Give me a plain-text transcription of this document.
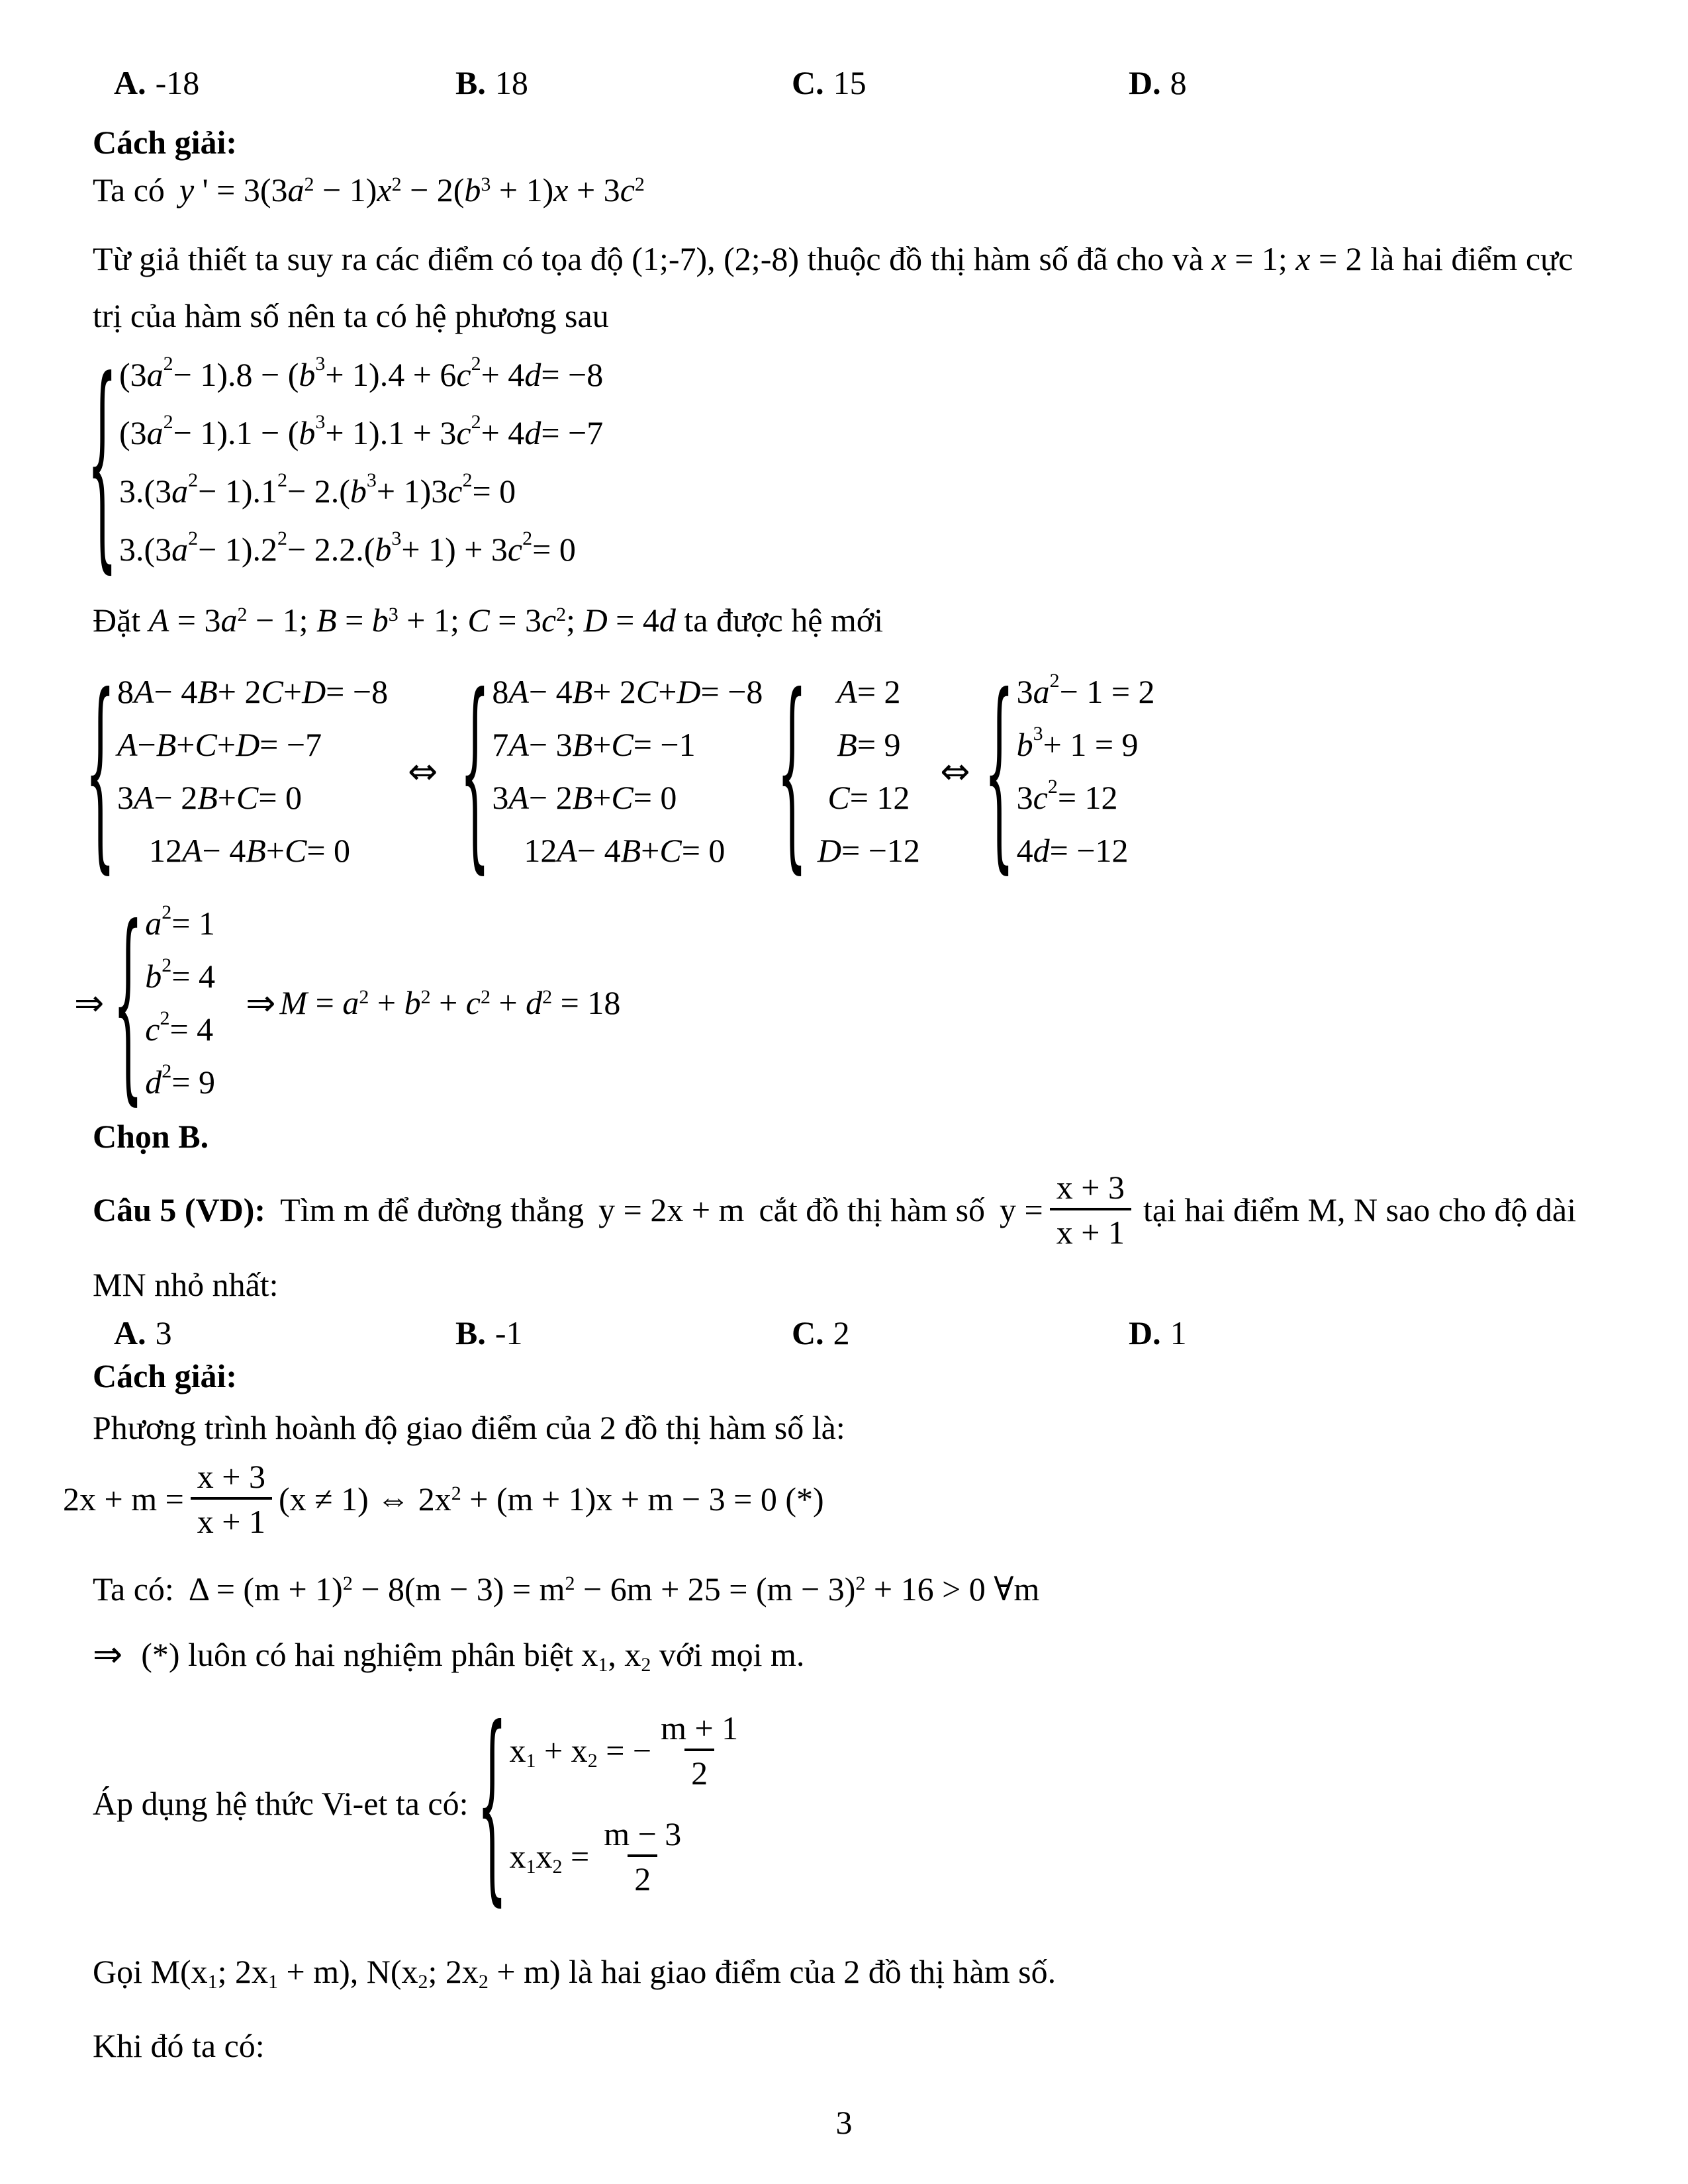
A. -18	B. 18	C. 15	D. 8
Cách giải:
Ta có y ' = $3(3a^2 - 1)x^2 - 2(b^3 + 1)x + 3c^2$
Từ giả thiết ta suy ra các điểm có tọa độ (1;-7), (2;-8) thuộc đồ thị hàm số đã cho và x = 1; x = 2 là hai điểm cực
trị của hàm số nên ta có hệ phương sau
{
(3 $a^2 - 1).8$ − ( $b^3 + 1).4 + 6$ $c^2 + 4$ d = −8
(3 $a^2 - 1).1$ − ( $b^3 + 1).1 + 3$ $c^2 + 4$ d = −7
3.(3 $a^2 - 1).1^2 - 2$.( $b^3 + 1)3$ $c^2 = 0$
3.(3 $a^2 - 1).2^2 - 2.2$.( $b^3 + 1) + 3$ $c^2 = 0$
Đặt $A = 3a^2 - 1$; $B = b^3 + 1$; $C = 3c^2$; D = 4d ta được hệ mới
{
8 A − 4 B + 2 C + D = −8
A − B + C + D = −7
3 A − 2 B + C = 0
12 A − 4 B + C = 0
⇔
{
8 A − 4 B + 2 C + D = −8
7 A − 3 B + C = −1
3 A − 2 B + C = 0
12 A − 4 B + C = 0
{
A = 2
B = 9
C = 12
D = −12
⇔
{
3 $a^2 - 1 = 2$
$b^3 + 1 = 9$
3 $c^2 = 12$
4 d = −12
⇒
{
$a^2 = 1$
$b^2 = 4$
$c^2 = 4$
$d^2 = 9$
⇒ $M = a^2 + b^2 + c^2 + d^2 = 18$
Chọn B.
Câu 5 (VD): Tìm m để đường thẳng y = 2x + m cắt đồ thị hàm số $y = \frac{x + 3}{x + 1}$ tại hai điểm M, N sao cho độ dài
MN nhỏ nhất:
A. 3	B. -1	C. 2	D. 1
Cách giải:
Phương trình hoành độ giao điểm của 2 đồ thị hàm số là:
$2x + m = \frac{x + 3}{x + 1} (x \ne 1)$ ⇔ $2x^2 + (m + 1)x + m - 3 = 0$ (*)
Ta có: $\Delta = (m + 1)^2 - 8(m - 3) = m^2 - 6m + 25 = (m - 3)^2 + 16 > 0$ ∀m
⇒ (*) luôn có hai nghiệm phân biệt $x_1$, $x_2$ với mọi m.
Áp dụng hệ thức Vi-et ta có:
{
$x_1 + x_2$ = − $\frac{m + 1}{2}$
$x_1x_2 = \frac{m - 3}{2}$
Gọi $M(x_1$; $2x_1 + m$), $N(x_2$; $2x_2 + m$) là hai giao điểm của 2 đồ thị hàm số.
Khi đó ta có:
3
